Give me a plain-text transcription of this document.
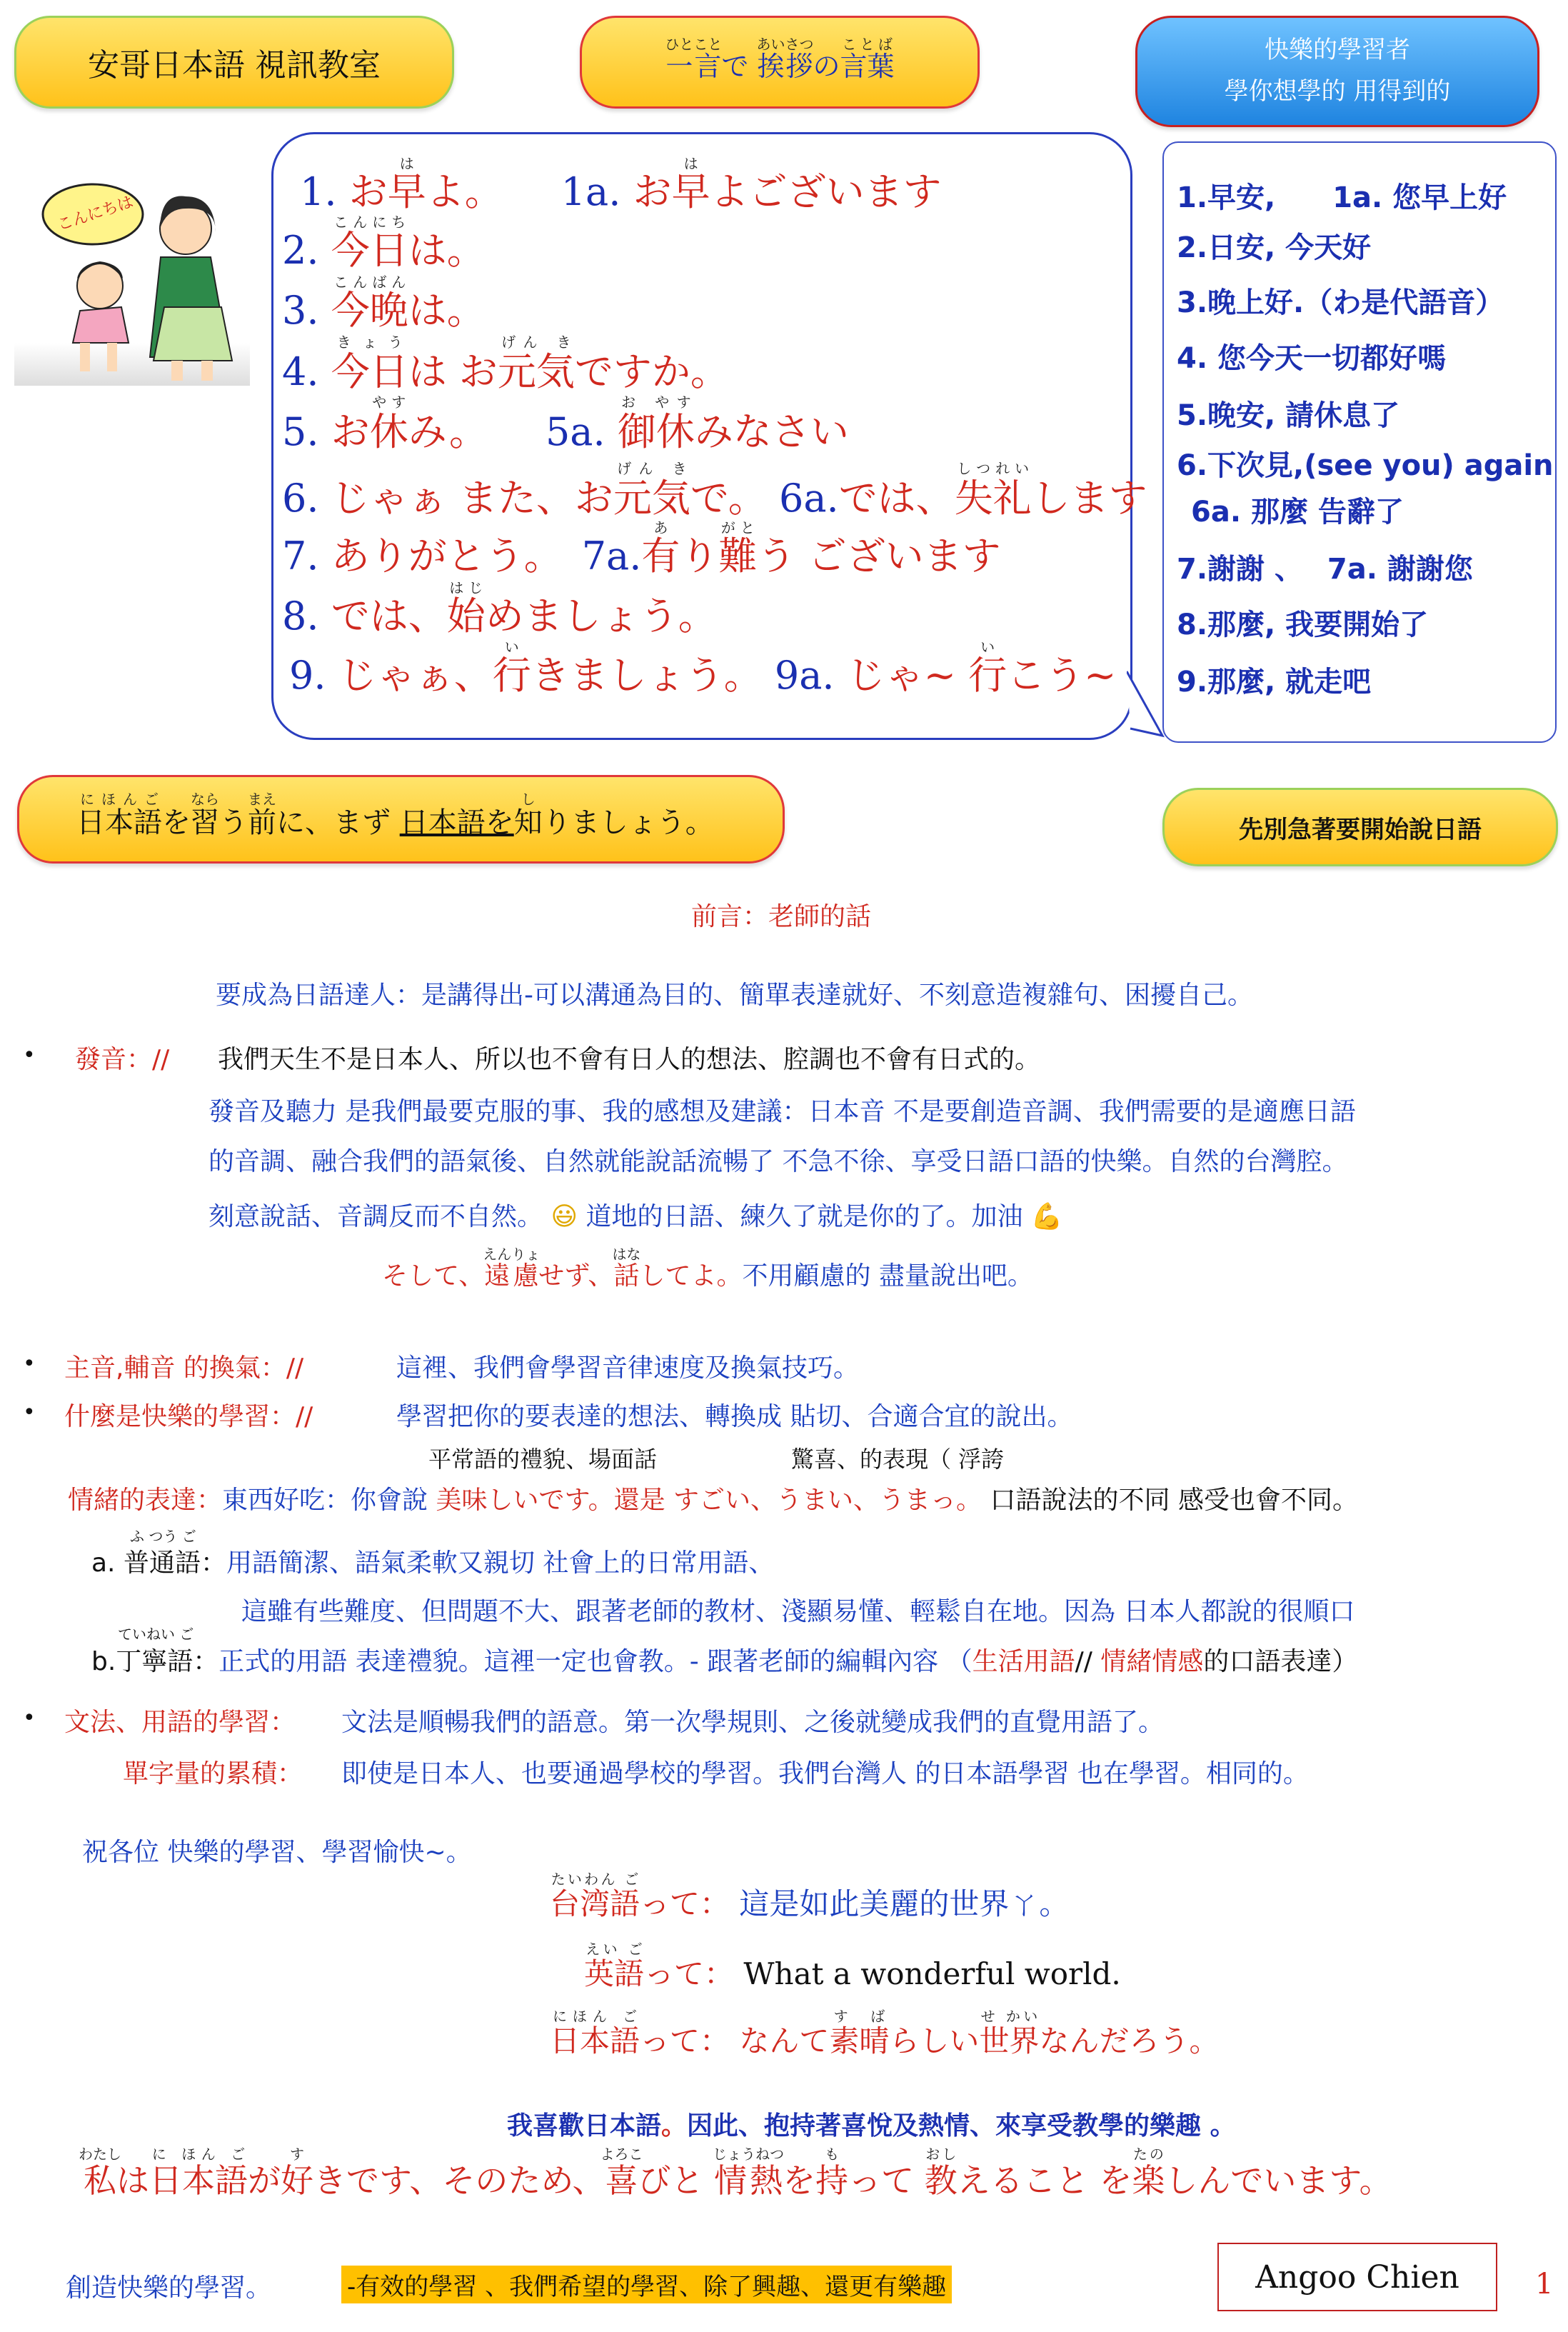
安哥日本語 視訊教室	一言ひとことで 挨拶あいさつの言葉ことば	快樂的學習者
學你想學的 用得到的
こんにちは	1. お早はよ。　　1a. お早はよございます
2. 今日こんにちは。
3. 今晩こんばんは。
4. 今日きょうは お元気げん きですか。
5. お休やすみ。　　5a. 御休お やすみなさい
6. じゃぁ また、お元気げん きで。 6a.では、失礼しつれいします
7. ありがとう。　7a.有あり難がとう ございます
8. では、始はじめましょう。
9. じゃぁ、行いきましょう。 9a. じゃ~ 行いこう~
1.早安,　　1a. 您早上好
2.日安, 今天好
3.晚上好.（わ是代語音）
4. 您今天一切都好嗎
5.晚安, 請休息了
6.下次見,(see you) again
6a. 那麼 告辭了
7.謝謝 、　 7a. 謝謝您
8.那麼, 我要開始了
9.那麼, 就走吧
日本語にほんごを習ならう前まえに、まず 日本語を知しりましょう。	先別急著要開始說日語
前言：老師的話
要成為日語達人：是講得出-可以溝通為目的、簡單表達就好、不刻意造複雜句、困擾自己。
• 發音：// 我們天生不是日本人、所以也不會有日人的想法、腔調也不會有日式的。
發音及聽力 是我們最要克服的事、我的感想及建議：日本音 不是要創造音調、我們需要的是適應日語
的音調、融合我們的語氣後、自然就能說話流暢了 不急不徐、享受日語口語的快樂。自然的台灣腔。
刻意說話、音調反而不自然。 😃 道地的日語、練久了就是你的了。加油 💪
そして、遠慮えんりょせず、話はなしてよ。不用顧慮的 盡量說出吧。
• 主音,輔音 的換氣：//	這裡、我們會學習音律速度及換氣技巧。
• 什麼是快樂的學習：//	學習把你的要表達的想法、轉換成 貼切、合適合宜的說出。
平常語的禮貌、場面話	驚喜、的表現（ 浮誇
情緒的表達：東西好吃：你會說 美味しいです。還是 すごい、うまい、うまっ。 口語說法的不同 感受也會不同。
ふ つう ご
a. 普通語：用語簡潔、語氣柔軟又親切 社會上的日常用語、
這雖有些難度、但問題不大、跟著老師的教材、淺顯易懂、輕鬆自在地。因為 日本人都說的很順口
ていねい ご
b.丁寧語：正式的用語 表達禮貌。這裡一定也會教。- 跟著老師的編輯內容 （生活用語// 情緒情感的口語表達）
• 文法、用語的學習： 文法是順暢我們的語意。第一次學規則、之後就變成我們的直覺用語了。
單字量的累積： 即使是日本人、也要通過學校的學習。我們台灣人 的日本語學習 也在學習。相同的。
祝各位 快樂的學習、學習愉快~。
台湾語たいわん ごって： 這是如此美麗的世界ㄚ。
英語えい ごって： What a wonderful world.
日本語にほん ごって： なんて素晴す ばらしい世界せ かいなんだろう。
我喜歡日本語。因此、抱持著喜悅及熱情、來享受教學的樂趣 。
私わたしは日本語に ほん ごが好すきです、そのため、喜よろこびと 情熱じょうねつを持もって 教おしえること を楽たのしんでいます。
創造快樂的學習。	-有效的學習 、我們希望的學習、除了興趣、還更有樂趣	Angoo Chien	1
